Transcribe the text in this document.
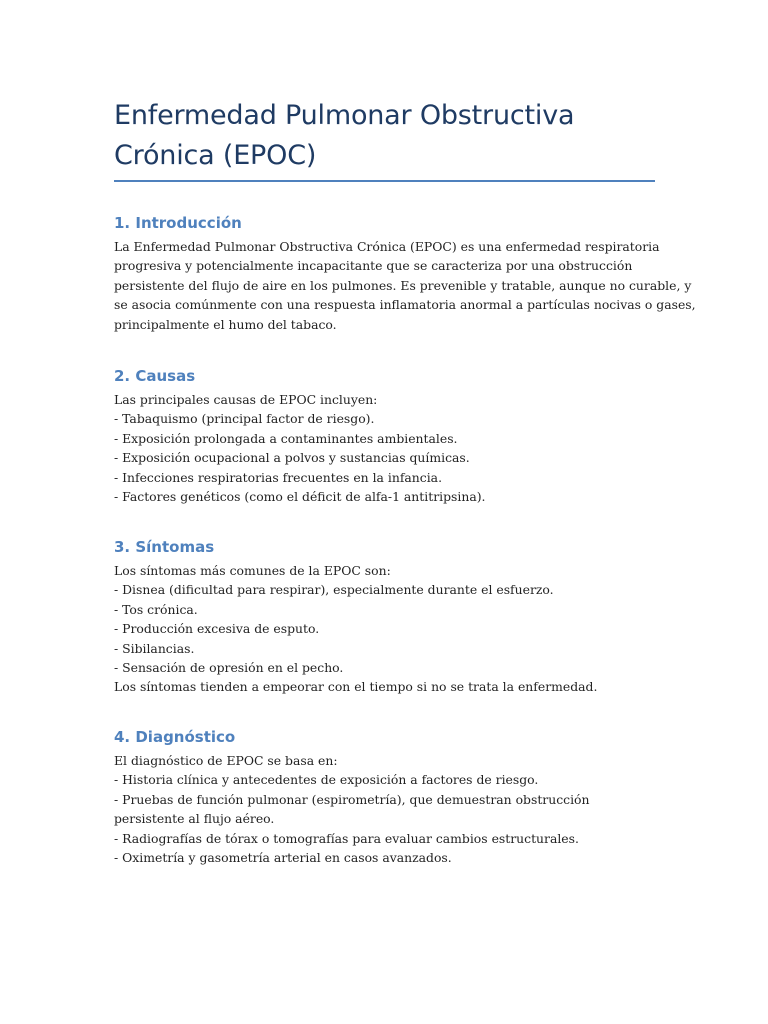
Enfermedad Pulmonar Obstructiva
Crónica (EPOC)
1. Introducción
La Enfermedad Pulmonar Obstructiva Crónica (EPOC) es una enfermedad respiratoria
progresiva y potencialmente incapacitante que se caracteriza por una obstrucción
persistente del flujo de aire en los pulmones. Es prevenible y tratable, aunque no curable, y
se asocia comúnmente con una respuesta inflamatoria anormal a partículas nocivas o gases,
principalmente el humo del tabaco.
2. Causas
Las principales causas de EPOC incluyen:
- Tabaquismo (principal factor de riesgo).
- Exposición prolongada a contaminantes ambientales.
- Exposición ocupacional a polvos y sustancias químicas.
- Infecciones respiratorias frecuentes en la infancia.
- Factores genéticos (como el déficit de alfa-1 antitripsina).
3. Síntomas
Los síntomas más comunes de la EPOC son:
- Disnea (dificultad para respirar), especialmente durante el esfuerzo.
- Tos crónica.
- Producción excesiva de esputo.
- Sibilancias.
- Sensación de opresión en el pecho.
Los síntomas tienden a empeorar con el tiempo si no se trata la enfermedad.
4. Diagnóstico
El diagnóstico de EPOC se basa en:
- Historia clínica y antecedentes de exposición a factores de riesgo.
- Pruebas de función pulmonar (espirometría), que demuestran obstrucción persistente al flujo aéreo.
- Radiografías de tórax o tomografías para evaluar cambios estructurales.
- Oximetría y gasometría arterial en casos avanzados.
